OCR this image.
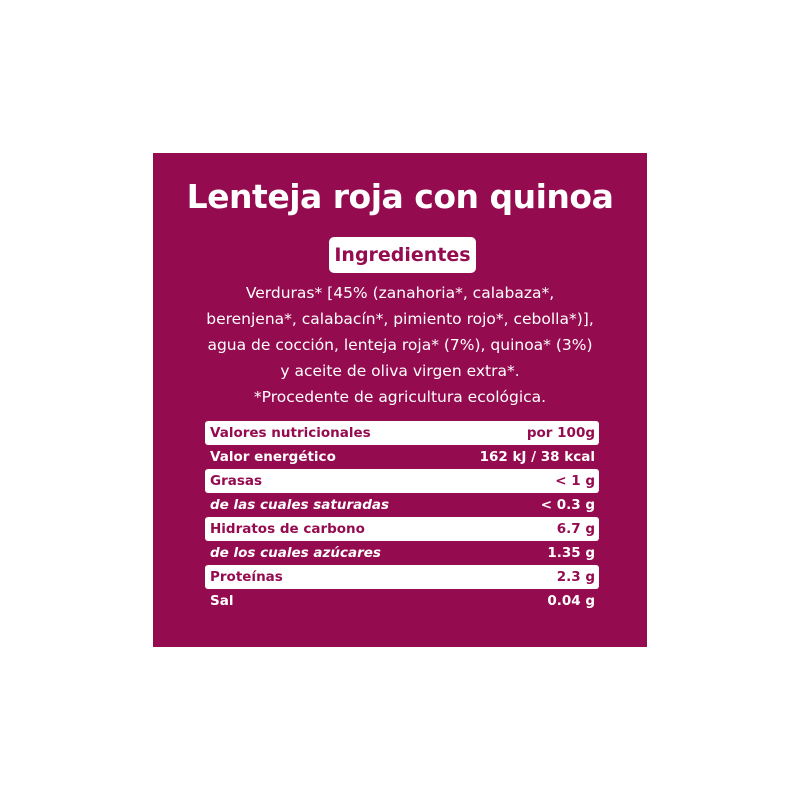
Lenteja roja con quinoa
Ingredientes
Verduras* [45% (zanahoria*, calabaza*,
berenjena*, calabacín*, pimiento rojo*, cebolla*)],
agua de cocción, lenteja roja* (7%), quinoa* (3%)
y aceite de oliva virgen extra*.
*Procedente de agricultura ecológica.
Valores nutricionales	por 100g
Valor energético	162 kJ / 38 kcal
Grasas	< 1 g
de las cuales saturadas	< 0.3 g
Hidratos de carbono	6.7 g
de los cuales azúcares	1.35 g
Proteínas	2.3 g
Sal	0.04 g
